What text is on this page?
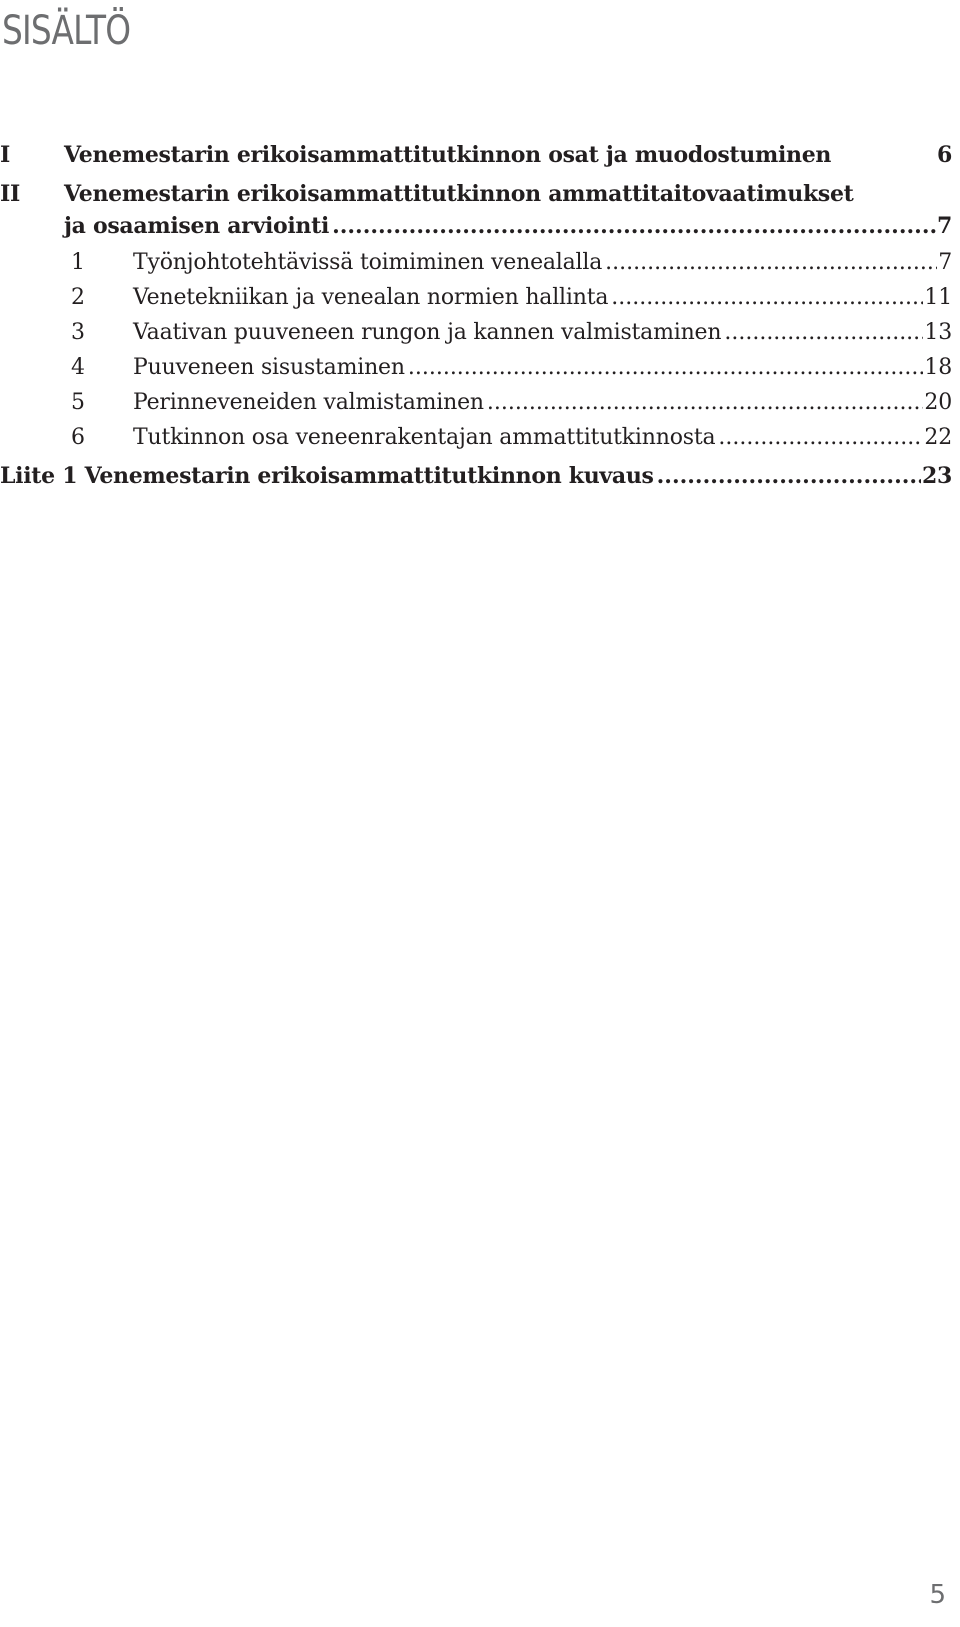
SISÄLTÖ
I Venemestarin erikoisammattitutkinnon osat ja muodostuminen	6
II Venemestarin erikoisammattitutkinnon ammattitaitovaatimukset
ja osaamisen arviointi .....	7
1 Työnjohtotehtävissä toimiminen venealalla .....	7
2 Venetekniikan ja venealan normien hallinta .....	11
3 Vaativan puuveneen rungon ja kannen valmistaminen .....	13
4 Puuveneen sisustaminen .....	18
5 Perinneveneiden valmistaminen .....	20
6 Tutkinnon osa veneenrakentajan ammattitutkinnosta .....	22
Liite 1 Venemestarin erikoisammattitutkinnon kuvaus .....	23
5
